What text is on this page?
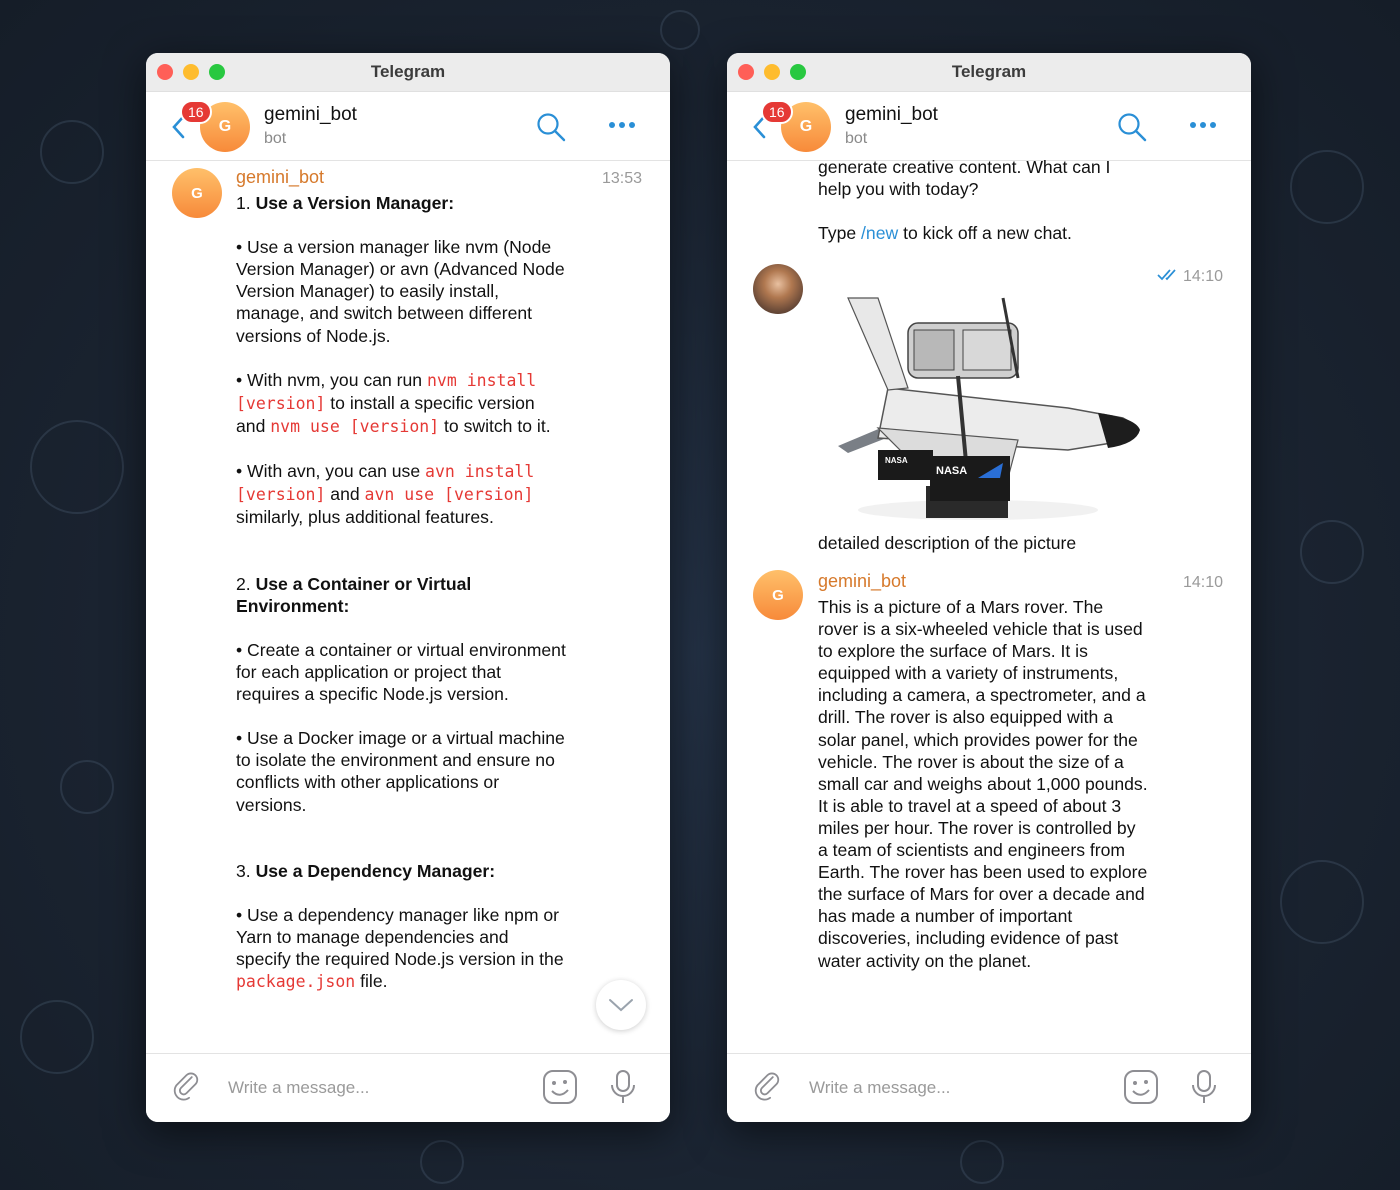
Telegram
16
G
gemini_bot
bot
G
gemini_bot	13:53

1. Use a Version Manager:

• Use a version manager like nvm (Node Version Manager) or avn (Advanced Node Version Manager) to easily install, manage, and switch between different versions of Node.js.

• With nvm, you can run nvm install [version] to install a specific version and nvm use [version] to switch to it.

• With avn, you can use avn install [version] and avn use [version] similarly, plus additional features.

2. Use a Container or Virtual Environment:

• Create a container or virtual environment for each application or project that requires a specific Node.js version.

• Use a Docker image or a virtual machine to isolate the environment and ensure no conflicts with other applications or versions.

3. Use a Dependency Manager:

• Use a dependency manager like npm or Yarn to manage dependencies and specify the required Node.js version in the package.json file.

Write a message...
Telegram
16
G
gemini_bot
bot

generate creative content. What can I help you with today?

Type /new to kick off a new chat.

14:10
NASA
NASA
detailed description of the picture
G
gemini_bot	14:10
This is a picture of a Mars rover. The rover is a six-wheeled vehicle that is used to explore the surface of Mars. It is equipped with a variety of instruments, including a camera, a spectrometer, and a drill. The rover is also equipped with a solar panel, which provides power for the vehicle. The rover is about the size of a small car and weighs about 1,000 pounds. It is able to travel at a speed of about 3 miles per hour. The rover is controlled by a team of scientists and engineers from Earth. The rover has been used to explore the surface of Mars for over a decade and has made a number of important discoveries, including evidence of past water activity on the planet.
Write a message...
